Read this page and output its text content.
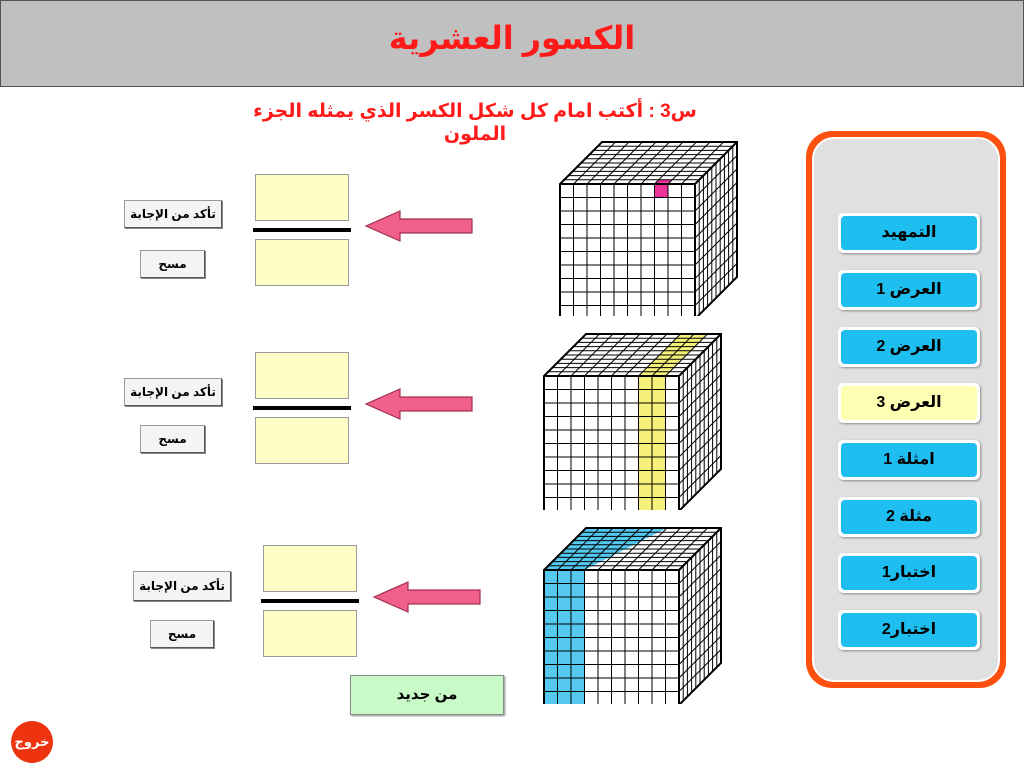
الكسور العشرية
س3 : أكتب امام كل شكل الكسر الذي يمثله الجزء الملون
تأكد من الإجابة
مسح
تأكد من الإجابة
مسح
تأكد من الإجابة
مسح
التمهيد
العرض 1
العرض 2
العرض 3
امثلة 1
مثلة 2
اختبار1
اختبار2
من جديد
خروج
